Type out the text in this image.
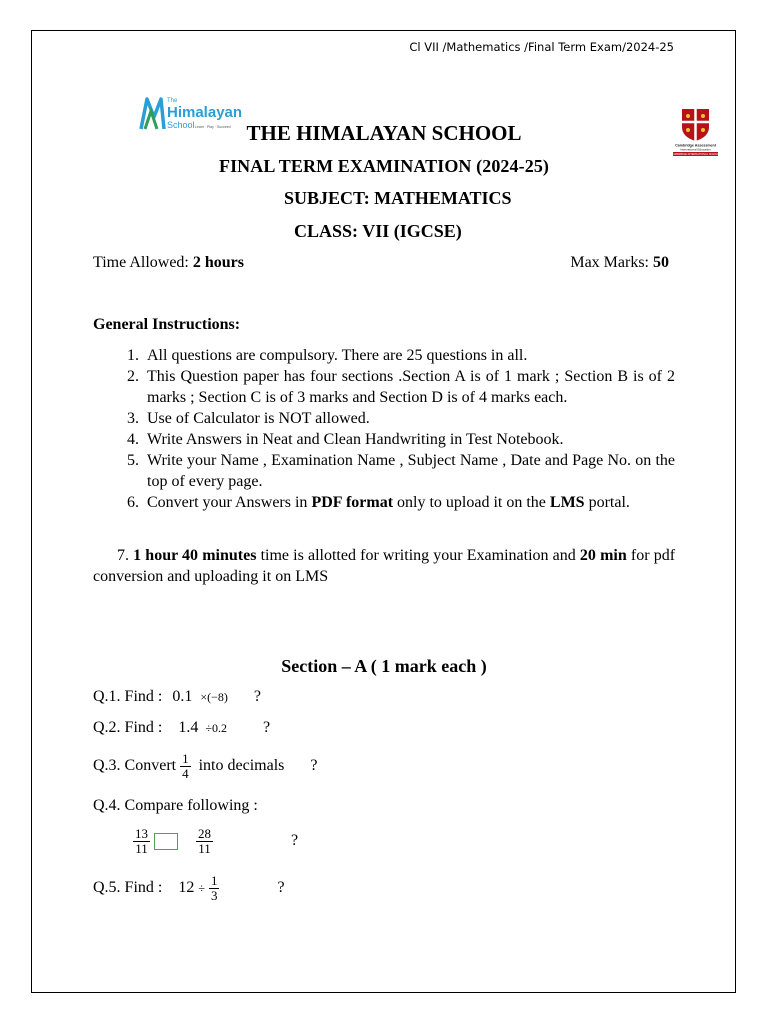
Cl VII /Mathematics /Final Term Exam/2024-25
The
Himalayan
School Learn · Play · Succeed
Cambridge Assessment
International Education
CAMBRIDGE INTERNATIONAL SCHOOL
THE HIMALAYAN SCHOOL
FINAL TERM EXAMINATION (2024-25)
SUBJECT: MATHEMATICS
CLASS: VII (IGCSE)
Time Allowed: 2 hours	Max Marks: 50
General Instructions:
1. All questions are compulsory. There are 25 questions in all.
2. This Question paper has four sections .Section A is of 1 mark ; Section B is of 2 marks ; Section C is of 3 marks and Section D is of 4 marks each.
3. Use of Calculator is NOT allowed.
4. Write Answers in Neat and Clean Handwriting in Test Notebook.
5. Write your Name , Examination Name , Subject Name , Date and Page No. on the top of every page.
6. Convert your Answers in PDF format only to upload it on the LMS portal.
7. 1 hour 40 minutes time is allotted for writing your Examination and 20 min for pdf conversion and uploading it on LMS
Section – A ( 1 mark each )
Q.1. Find : 0.1 ×(−8) ?
Q.2. Find : 1.4 ÷0.2 ?
Q.3. Convert $\frac{1}{4}$ into decimals ?
Q.4. Compare following :
$\frac{13}{11}$	$\frac{28}{11}$	?
Q.5. Find : $12 \div \frac{1}{3}$	?
